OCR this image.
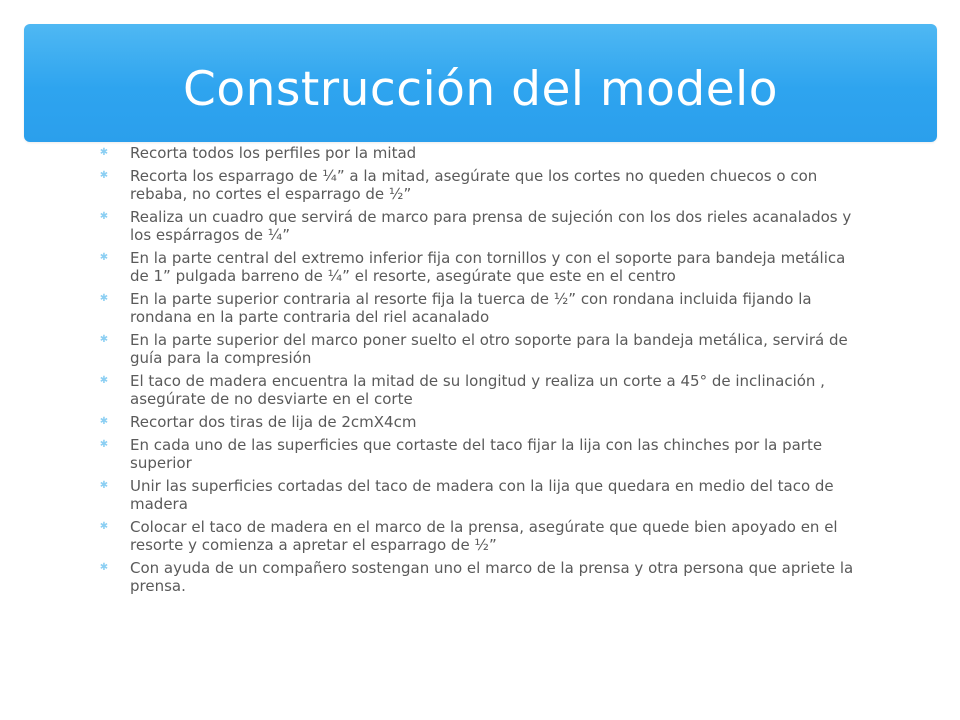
Construcción del modelo
✱ Recorta todos los perfiles por la mitad
✱ Recorta los esparrago de ¼” a la mitad, asegúrate que los cortes no queden chuecos o con rebaba, no cortes el esparrago de ½”
✱ Realiza un cuadro que servirá de marco para prensa de sujeción con los dos rieles acanalados y los espárragos de ¼”
✱ En la parte central del extremo inferior fija con tornillos y con el soporte para bandeja metálica de 1” pulgada barreno de ¼” el resorte, asegúrate que este en el centro
✱ En la parte superior contraria al resorte fija la tuerca de ½” con rondana incluida fijando la rondana en la parte contraria del riel acanalado
✱ En la parte superior del marco poner suelto el otro soporte para la bandeja metálica, servirá de guía para la compresión
✱ El taco de madera encuentra la mitad de su longitud y realiza un corte a 45° de inclinación , asegúrate de no desviarte en el corte
✱ Recortar dos tiras de lija de 2cmX4cm
✱ En cada uno de las superficies que cortaste del taco fijar la lija con las chinches por la parte superior
✱ Unir las superficies cortadas del taco de madera con la lija que quedara en medio del taco de madera
✱ Colocar el taco de madera en el marco de la prensa, asegúrate que quede bien apoyado en el resorte y comienza a apretar el esparrago de ½”
✱ Con ayuda de un compañero sostengan uno el marco de la prensa y otra persona que apriete la prensa.
